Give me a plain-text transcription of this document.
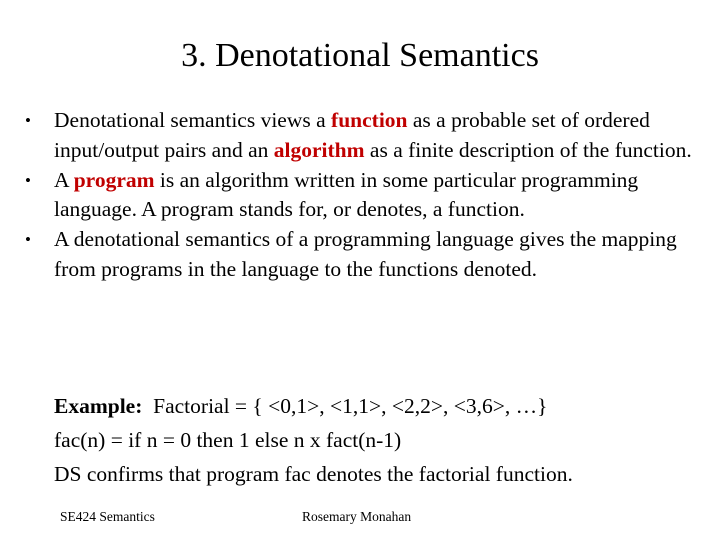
3. Denotational Semantics
• Denotational semantics views a function as a probable set of ordered input/output pairs and an algorithm as a finite description of the function.
• A program is an algorithm written in some particular programming language. A program stands for, or denotes, a function.
• A denotational semantics of a programming language gives the mapping from programs in the language to the functions denoted.

Example:  Factorial = { <0,1>, <1,1>, <2,2>, <3,6>, …}

fac(n) = if n = 0 then 1 else n x fact(n-1)

DS confirms that program fac denotes the factorial function.

SE424 Semantics	Rosemary Monahan
